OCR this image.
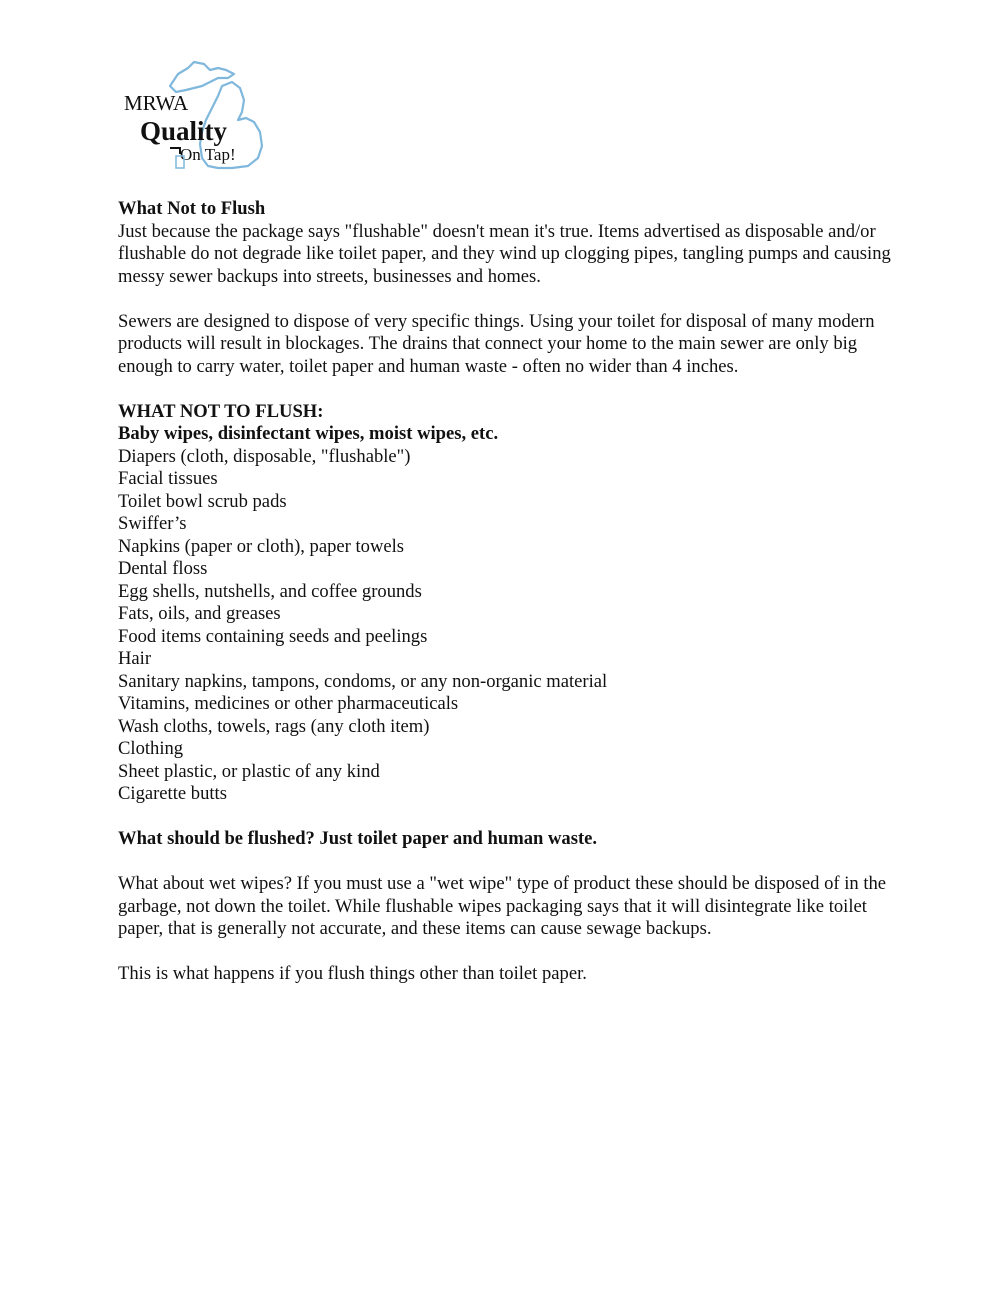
MRWA
Quality
On Tap!

What Not to Flush

Just because the package says "flushable" doesn't mean it's true. Items advertised as disposable and/or flushable do not degrade like toilet paper, and they wind up clogging pipes, tangling pumps and causing messy sewer backups into streets, businesses and homes.

Sewers are designed to dispose of very specific things. Using your toilet for disposal of many modern products will result in blockages. The drains that connect your home to the main sewer are only big enough to carry water, toilet paper and human waste - often no wider than 4 inches.

WHAT NOT TO FLUSH:

Baby wipes, disinfectant wipes, moist wipes, etc.
Diapers (cloth, disposable, "flushable")
Facial tissues
Toilet bowl scrub pads
Swiffer’s
Napkins (paper or cloth), paper towels
Dental floss
Egg shells, nutshells, and coffee grounds
Fats, oils, and greases
Food items containing seeds and peelings
Hair
Sanitary napkins, tampons, condoms, or any non-organic material
Vitamins, medicines or other pharmaceuticals
Wash cloths, towels, rags (any cloth item)
Clothing
Sheet plastic, or plastic of any kind
Cigarette butts

What should be flushed? Just toilet paper and human waste.

What about wet wipes? If you must use a "wet wipe" type of product these should be disposed of in the garbage, not down the toilet. While flushable wipes packaging says that it will disintegrate like toilet paper, that is generally not accurate, and these items can cause sewage backups.

This is what happens if you flush things other than toilet paper.
